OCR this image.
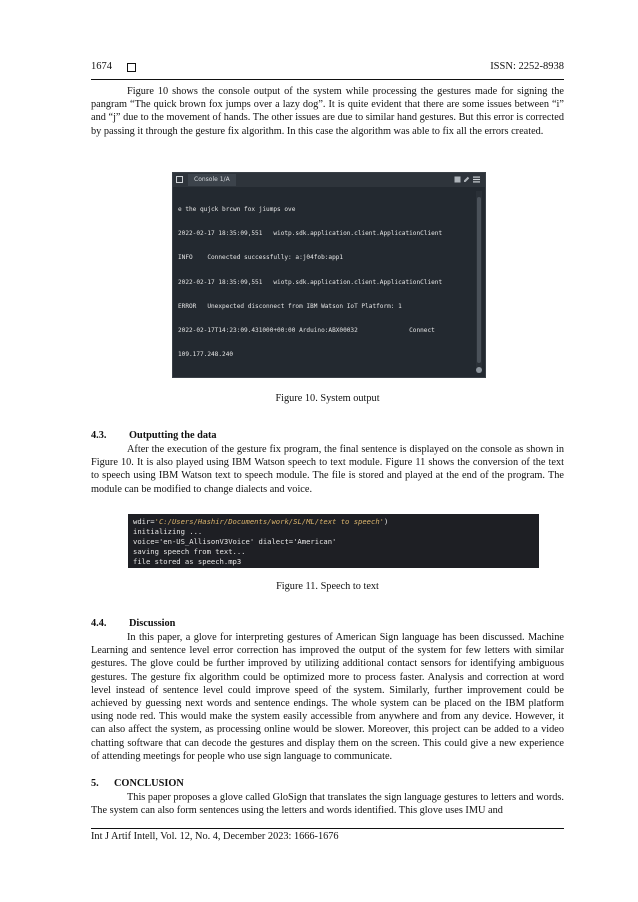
1674	ISSN: 2252-8938

Figure 10 shows the console output of the system while processing the gestures made for signing the pangram “The quick brown fox jumps over a lazy dog”. It is quite evident that there are some issues between “i” and “j” due to the movement of hands. The other issues are due to similar hand gestures. But this error is corrected by passing it through the gesture fix algorithm. In this case the algorithm was able to fix all the errors created.

Console 1/A

e the qujck brcwn fox jiumps ove

2022-02-17 18:35:09,551   wiotp.sdk.application.client.ApplicationClient

INFO    Connected successfully: a:j04fob:app1

2022-02-17 18:35:09,551   wiotp.sdk.application.client.ApplicationClient

ERROR   Unexpected disconnect from IBM Watson IoT Platform: 1

2022-02-17T14:23:09.431000+00:00 Arduino:ABX00032              Connect

109.177.248.240

Figure 10. System output
4.3. Outputting the data

After the execution of the gesture fix program, the final sentence is displayed on the console as shown in Figure 10. It is also played using IBM Watson speech to text module. Figure 11 shows the conversion of the text to speech using IBM Watson text to speech module. The file is stored and played at the end of the program. The module can be modified to change dialects and voice.

wdir='C:/Users/Hashir/Documents/work/SL/ML/text to speech')
initializing ...
voice='en-US_AllisonV3Voice' dialect='American'
saving speech from text...
file stored as speech.mp3
Figure 11. Speech to text
4.4. Discussion

In this paper, a glove for interpreting gestures of American Sign language has been discussed. Machine Learning and sentence level error correction has improved the output of the system for few letters with similar gestures. The glove could be further improved by utilizing additional contact sensors for identifying ambiguous gestures. The gesture fix algorithm could be optimized more to process faster. Analysis and correction at word level instead of sentence level could improve speed of the system. Similarly, further improvement could be achieved by guessing next words and sentence endings. The whole system can be placed on the IBM platform using node red. This would make the system easily accessible from anywhere and from any device. However, it can also affect the system, as processing online would be slower. Moreover, this project can be added to a video chatting software that can decode the gestures and display them on the screen. This could give a new experience of attending meetings for people who use sign language to communicate.

5. CONCLUSION

This paper proposes a glove called GloSign that translates the sign language gestures to letters and words. The system can also form sentences using the letters and words identified. This glove uses IMU and

Int J Artif Intell, Vol. 12, No. 4, December 2023: 1666-1676
